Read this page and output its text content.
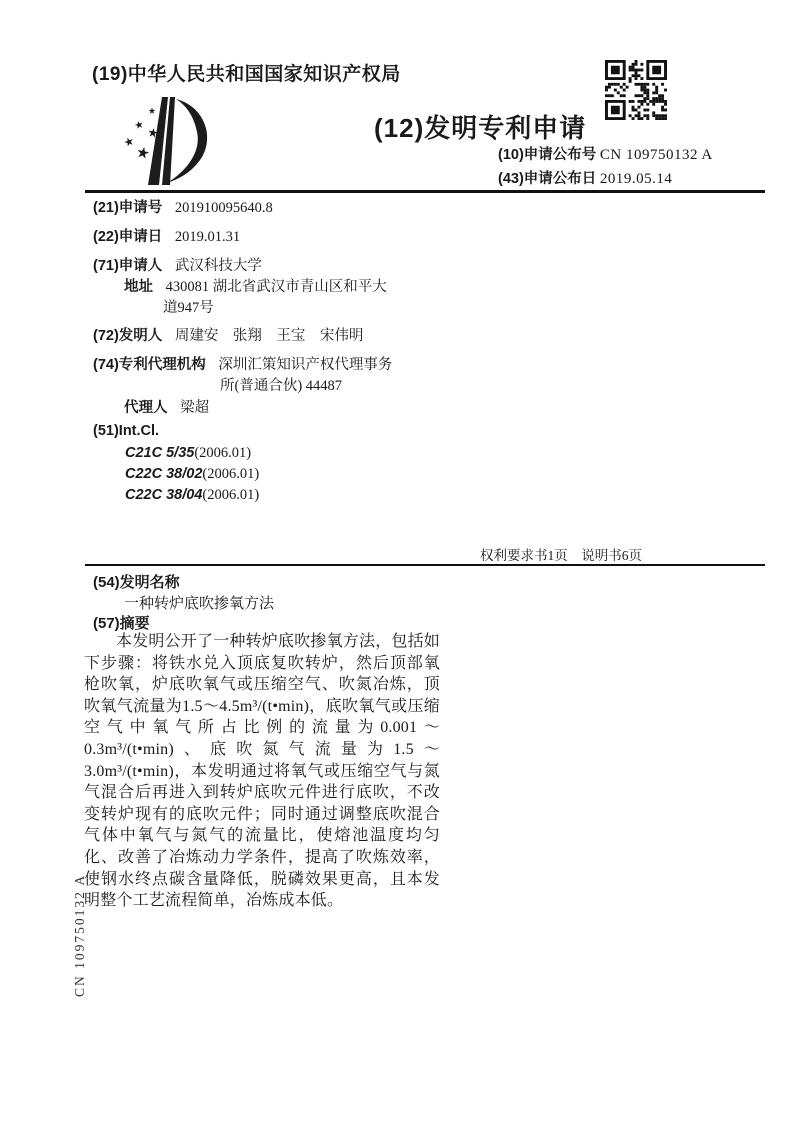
(19)中华人民共和国国家知识产权局
(12)发明专利申请
(10)申请公布号 CN 109750132 A
(43)申请公布日 2019.05.14
(21)申请号 201910095640.8
(22)申请日 2019.01.31
(71)申请人 武汉科技大学
地址 430081 湖北省武汉市青山区和平大
道947号
(72)发明人 周建安　张翔　王宝　宋伟明
(74)专利代理机构 深圳汇策知识产权代理事务
所(普通合伙) 44487
代理人 梁超
(51)Int.Cl.
C21C 5/35(2006.01)
C22C 38/02(2006.01)
C22C 38/04(2006.01)
权利要求书1页　说明书6页
(54)发明名称
一种转炉底吹掺氧方法
(57)摘要
本发明公开了一种转炉底吹掺氧方法，包括如下步骤：将铁水兑入顶底复吹转炉，然后顶部氧枪吹氧，炉底吹氧气或压缩空气、吹氮冶炼，顶吹氧气流量为1.5～4.5m³/(t•min)，底吹氧气或压缩空气中氧气所占比例的流量为0.001～0.3m³/(t•min)、底吹氮气流量为1.5～3.0m³/(t•min)，本发明通过将氧气或压缩空气与氮气混合后再进入到转炉底吹元件进行底吹，不改变转炉现有的底吹元件；同时通过调整底吹混合气体中氧气与氮气的流量比，使熔池温度均匀化、改善了冶炼动力学条件，提高了吹炼效率，使钢水终点碳含量降低，脱磷效果更高，且本发明整个工艺流程简单，冶炼成本低。
CN 109750132 A
